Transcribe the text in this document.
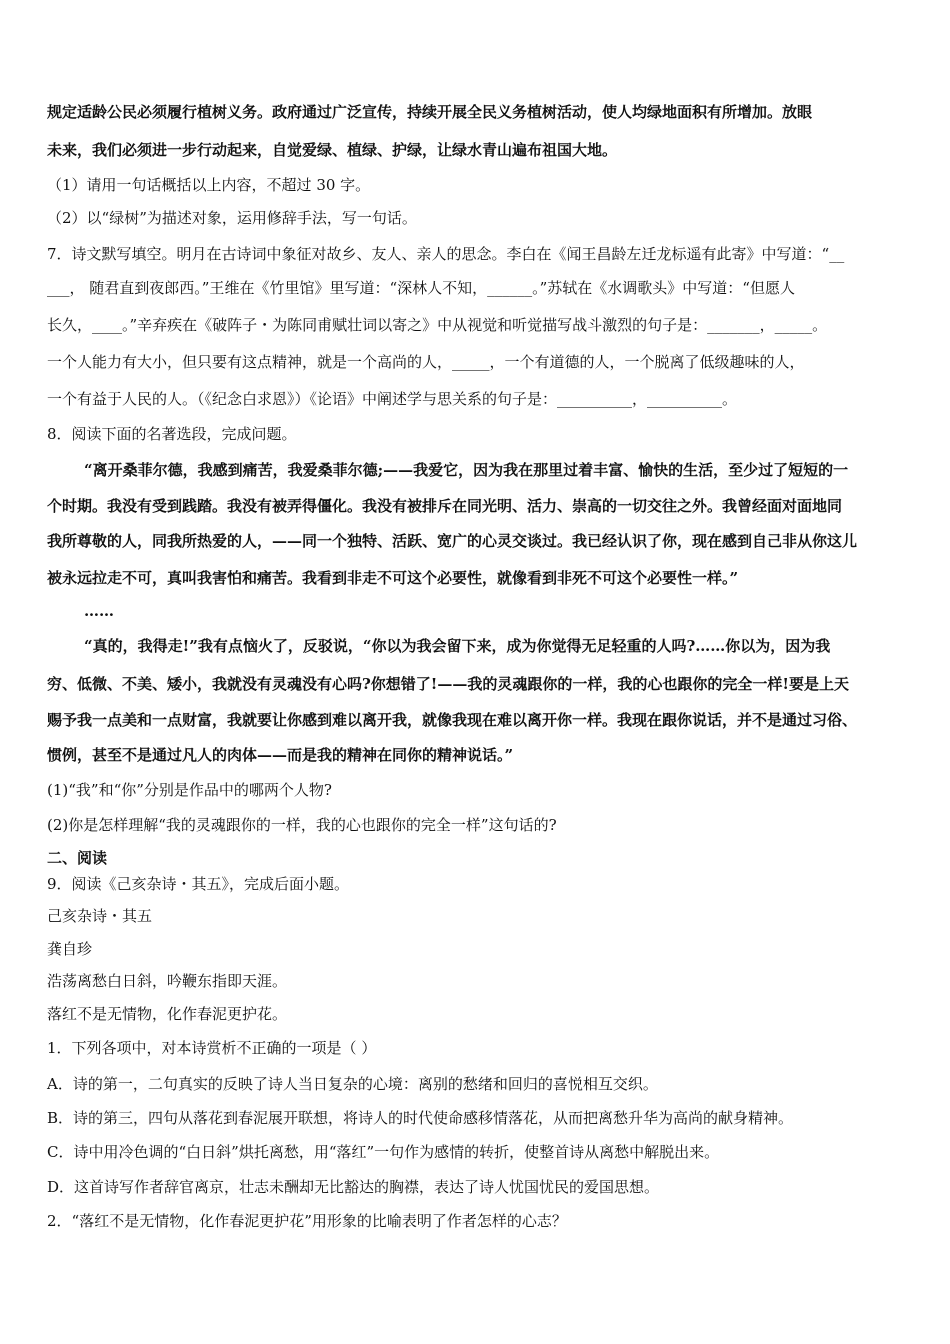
规定适龄公民必须履行植树义务。政府通过广泛宣传，持续开展全民义务植树活动，使人均绿地面积有所增加。放眼
未来，我们必须进一步行动起来，自觉爱绿、植绿、护绿，让绿水青山遍布祖国大地。
（1）请用一句话概括以上内容，不超过 30 字。
（2）以“绿树”为描述对象，运用修辞手法，写一句话。
7．诗文默写填空。明月在古诗词中象征对故乡、友人、亲人的思念。李白在《闻王昌龄左迁龙标遥有此寄》中写道：“__
___， 随君直到夜郎西。”王维在《竹里馆》里写道：“深林人不知，______。”苏轼在《水调歌头》中写道：“但愿人
长久，____。”辛弃疾在《破阵子・为陈同甫赋壮词以寄之》中从视觉和听觉描写战斗激烈的句子是：_______，_____。
一个人能力有大小，但只要有这点精神，就是一个高尚的人，_____，一个有道德的人，一个脱离了低级趣味的人，
一个有益于人民的人。（《纪念白求恩》）《论语》中阐述学与思关系的句子是：__________，__________。
8．阅读下面的名著选段，完成问题。
“离开桑菲尔德，我感到痛苦，我爱桑菲尔德;——我爱它，因为我在那里过着丰富、愉快的生活，至少过了短短的一
个时期。我没有受到践踏。我没有被弄得僵化。我没有被排斥在同光明、活力、崇高的一切交往之外。我曾经面对面地同
我所尊敬的人，同我所热爱的人，——同一个独特、活跃、宽广的心灵交谈过。我已经认识了你，现在感到自己非从你这儿
被永远拉走不可，真叫我害怕和痛苦。我看到非走不可这个必要性，就像看到非死不可这个必要性一样。”
……
“真的，我得走!”我有点恼火了，反驳说，“你以为我会留下来，成为你觉得无足轻重的人吗?……你以为，因为我
穷、低微、不美、矮小，我就没有灵魂没有心吗?你想错了!——我的灵魂跟你的一样，我的心也跟你的完全一样!要是上天
赐予我一点美和一点财富，我就要让你感到难以离开我，就像我现在难以离开你一样。我现在跟你说话，并不是通过习俗、
惯例，甚至不是通过凡人的肉体——而是我的精神在同你的精神说话。”
(1)“我”和“你”分别是作品中的哪两个人物?
(2)你是怎样理解“我的灵魂跟你的一样，我的心也跟你的完全一样”这句话的?
二、阅读
9．阅读《己亥杂诗・其五》，完成后面小题。
己亥杂诗・其五
龚自珍
浩荡离愁白日斜，吟鞭东指即天涯。
落红不是无情物，化作春泥更护花。
1．下列各项中，对本诗赏析不正确的一项是（ ）
A．诗的第一，二句真实的反映了诗人当日复杂的心境：离别的愁绪和回归的喜悦相互交织。
B．诗的第三，四句从落花到春泥展开联想，将诗人的时代使命感移情落花，从而把离愁升华为高尚的献身精神。
C．诗中用冷色调的“白日斜”烘托离愁，用“落红”一句作为感情的转折，使整首诗从离愁中解脱出来。
D．这首诗写作者辞官离京，壮志未酬却无比豁达的胸襟，表达了诗人忧国忧民的爱国思想。
2．“落红不是无情物，化作春泥更护花”用形象的比喻表明了作者怎样的心志？
